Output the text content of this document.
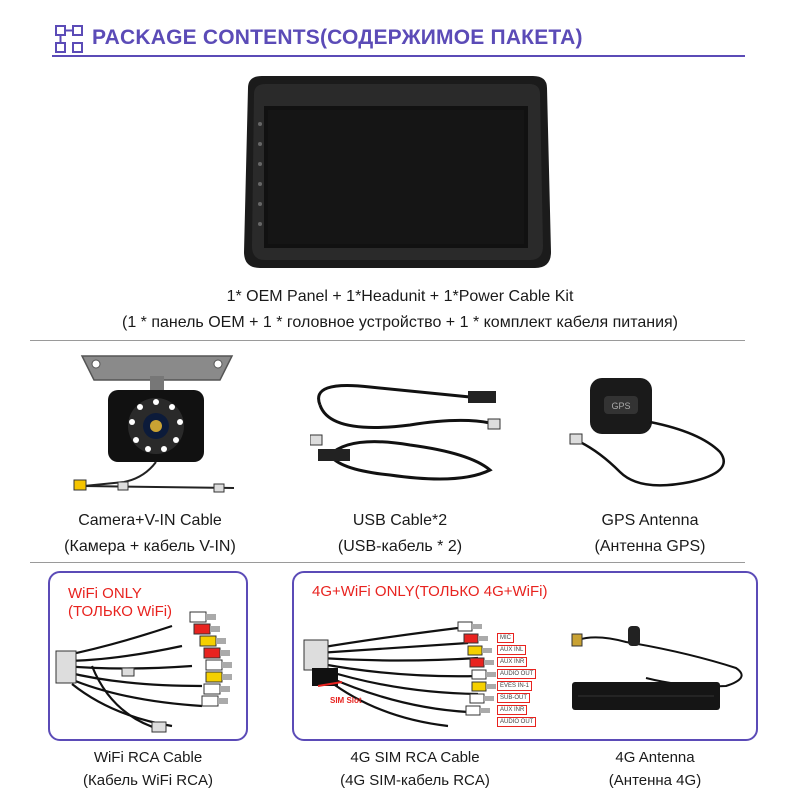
PACKAGE CONTENTS(СОДЕРЖИМОЕ ПАКЕТА)
1* OEM Panel + 1*Headunit + 1*Power Cable Kit
(1 * панель OEM + 1 * головное устройство + 1 * комплект кабеля питания)
GPS
Camera+V-IN Cable
(Камера + кабель V-IN)
USB Cable*2
(USB-кабель * 2)
GPS Antenna
(Антенна GPS)
WiFi ONLY
(ТОЛЬКО WiFi)
4G+WiFi ONLY(ТОЛЬКО 4G+WiFi)
SIM Slot
MIC
AUX INL
AUX INR
AUDIO OUT
EVES IN-1
SUB-OUT
AUX INR
AUDIO OUT
WiFi RCA Cable
(Кабель WiFi RCA)
4G SIM RCA Cable
(4G SIM-кабель RCA)
4G Antenna
(Антенна 4G)
